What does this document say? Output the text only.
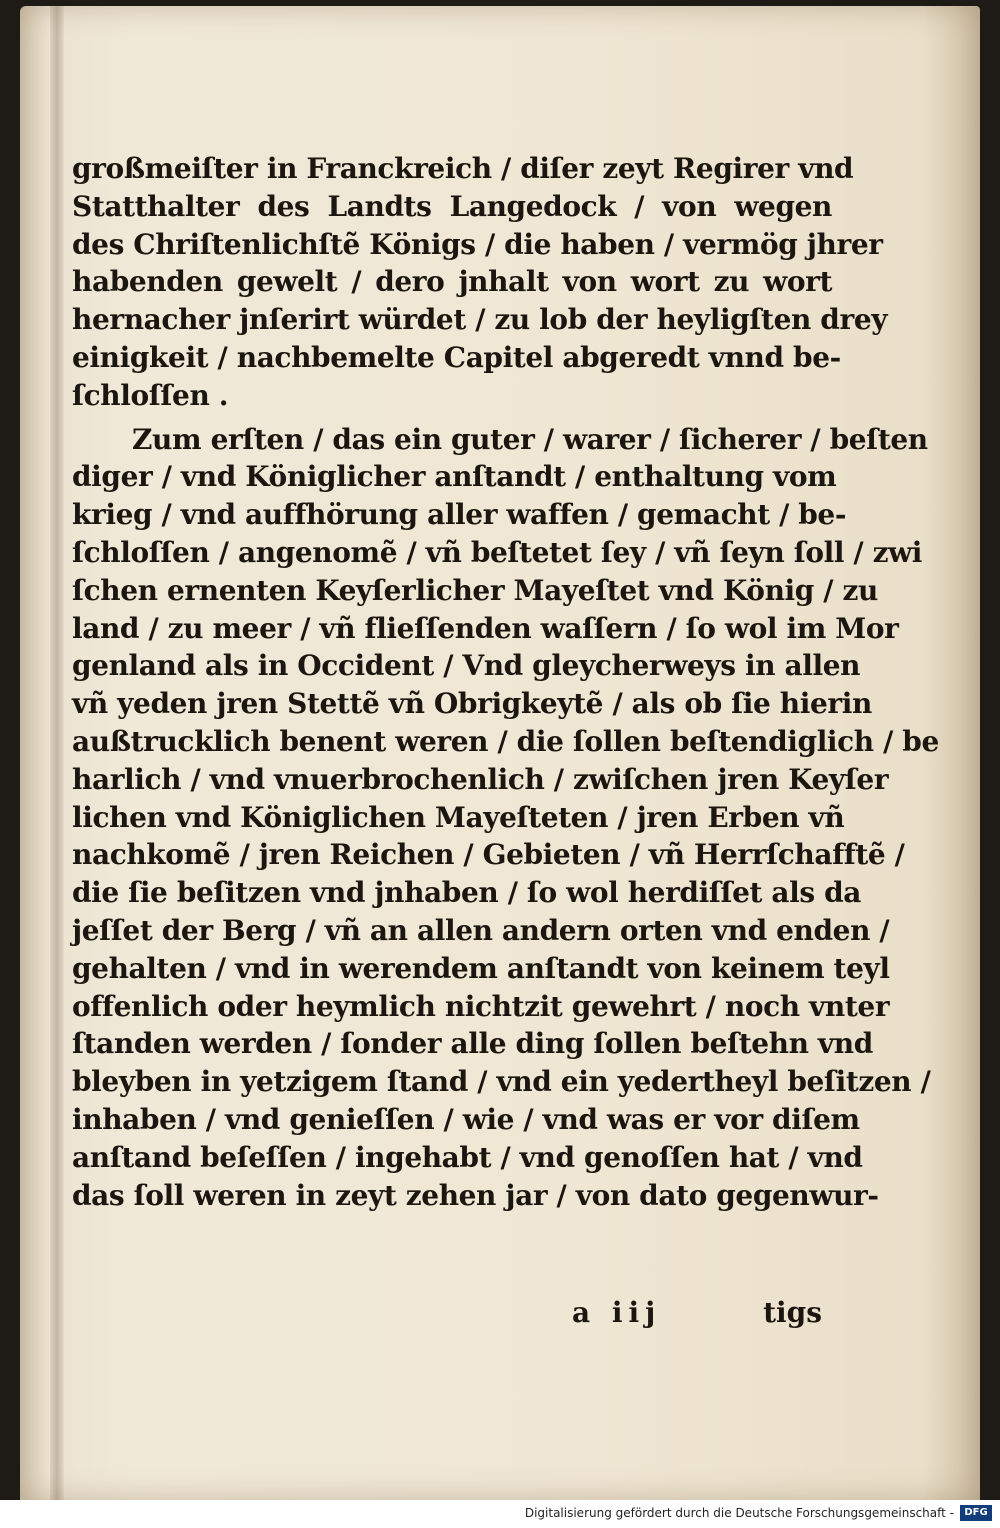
großmeiſter in Franckreich / diſer zeyt Regirer vnd
Statthalter des Landts Langedock / von wegen
des Chriſtenlichſtẽ Königs / die haben / vermög jhrer
habenden gewelt / dero jnhalt von wort zu wort
hernacher jnſerirt würdet / zu lob der heyligſten drey
einigkeit / nachbemelte Capitel abgeredt vnnd be-
ſchloſſen .
Zum erſten / das ein guter / warer / ſicherer / beſten
diger / vnd Königlicher anſtandt / enthaltung vom
krieg / vnd auffhörung aller waffen / gemacht / be-
ſchloſſen / angenomẽ / vñ beſtetet ſey / vñ ſeyn ſoll / zwi
ſchen ernenten Keyſerlicher Mayeſtet vnd König / zu
land / zu meer / vñ flieſſenden waſſern / ſo wol im Mor
genland als in Occident / Vnd gleycherweys in allen
vñ yeden jren Stettẽ vñ Obrigkeytẽ / als ob ſie hierin
außtrucklich benent weren / die ſollen beſtendiglich / be
harlich / vnd vnuerbrochenlich / zwiſchen jren Keyſer
lichen vnd Königlichen Mayeſteten / jren Erben vñ
nachkomẽ / jren Reichen / Gebieten / vñ Herrſchafftẽ /
die ſie beſitzen vnd jnhaben / ſo wol herdiſſet als da
jeſſet der Berg / vñ an allen andern orten vnd enden /
gehalten / vnd in werendem anſtandt von keinem teyl
offenlich oder heymlich nichtzit gewehrt / noch vnter
ſtanden werden / ſonder alle ding ſollen beſtehn vnd
bleyben in yetzigem ſtand / vnd ein yedertheyl beſitzen /
inhaben / vnd genieſſen / wie / vnd was er vor diſem
anſtand beſeſſen / ingehabt / vnd genoſſen hat / vnd
das ſoll weren in zeyt zehen jar / von dato gegenwur-
a iij	tigs
Digitalisierung gefördert durch die Deutsche Forschungsgemeinschaft -	DFG
